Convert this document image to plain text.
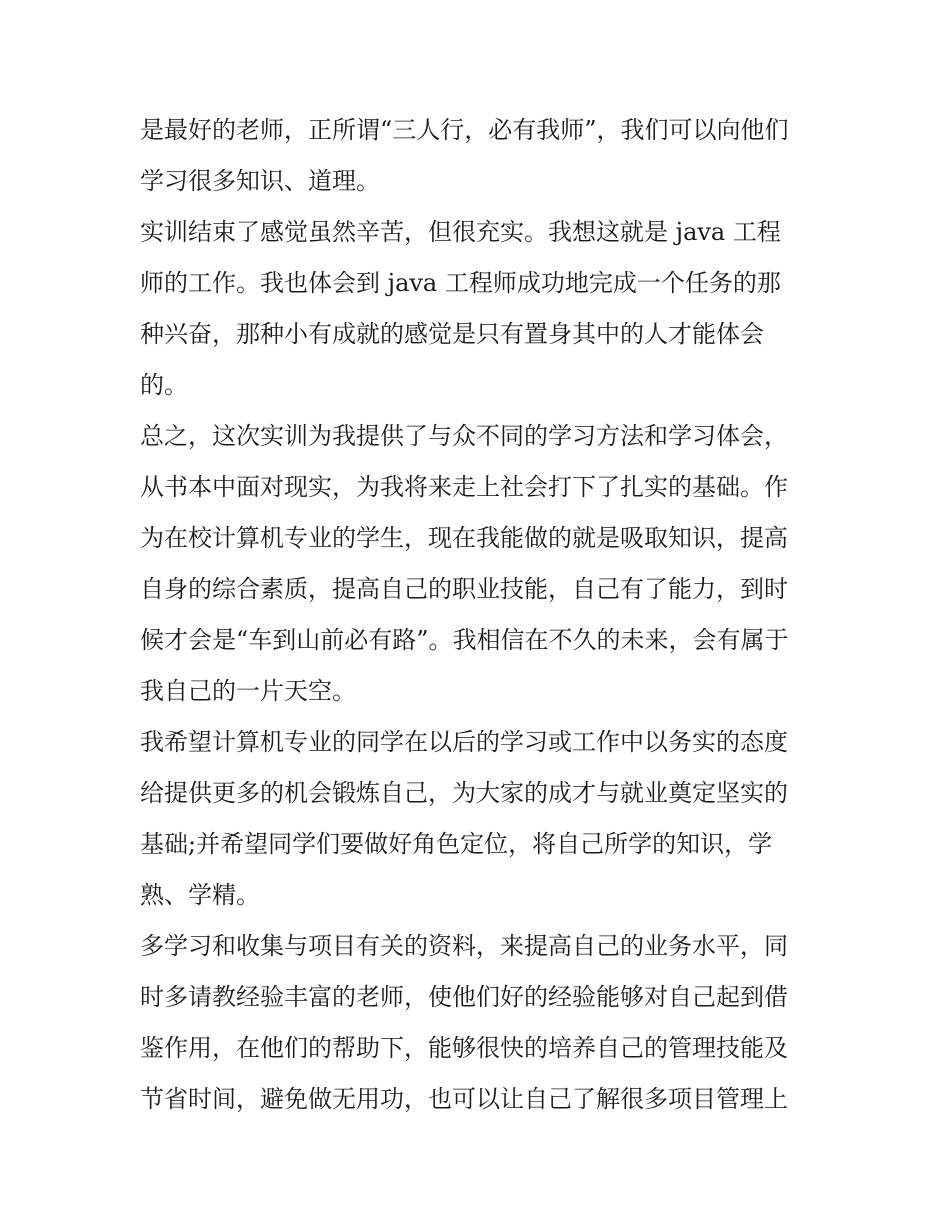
是最好的老师，正所谓“三人行，必有我师”，我们可以向他们
学习很多知识、道理。
实训结束了感觉虽然辛苦，但很充实。我想这就是 java 工程
师的工作。我也体会到 java 工程师成功地完成一个任务的那
种兴奋，那种小有成就的感觉是只有置身其中的人才能体会
的。
总之，这次实训为我提供了与众不同的学习方法和学习体会，
从书本中面对现实，为我将来走上社会打下了扎实的基础。作
为在校计算机专业的学生，现在我能做的就是吸取知识，提高
自身的综合素质，提高自己的职业技能，自己有了能力，到时
候才会是“车到山前必有路”。我相信在不久的未来，会有属于
我自己的一片天空。
我希望计算机专业的同学在以后的学习或工作中以务实的态度
给提供更多的机会锻炼自己，为大家的成才与就业奠定坚实的
基础;并希望同学们要做好角色定位，将自己所学的知识，学
熟、学精。
多学习和收集与项目有关的资料，来提高自己的业务水平，同
时多请教经验丰富的老师，使他们好的经验能够对自己起到借
鉴作用，在他们的帮助下，能够很快的培养自己的管理技能及
节省时间，避免做无用功，也可以让自己了解很多项目管理上
